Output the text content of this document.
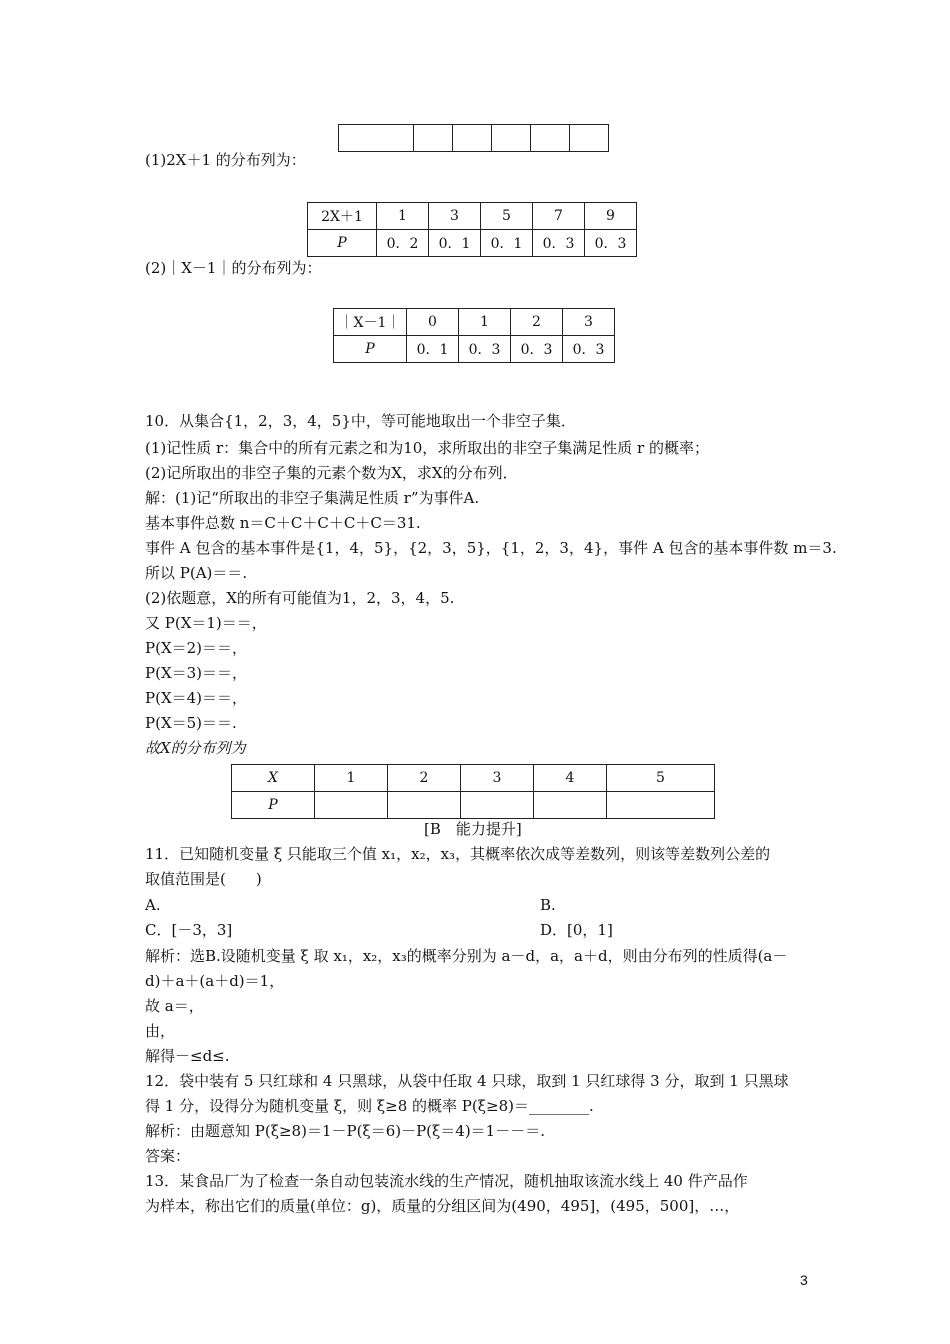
(1)2X＋1 的分布列为：
2X＋1	1	3	5	7	9
P	0．2	0．1	0．1	0．3	0．3
(2)｜X－1｜的分布列为：
｜X－1｜	0	1	2	3
P	0．1	0．3	0．3	0．3
10．从集合{1，2，3，4，5}中，等可能地取出一个非空子集．
(1)记性质 r：集合中的所有元素之和为10，求所取出的非空子集满足性质 r 的概率；
(2)记所取出的非空子集的元素个数为X，求X的分布列．
解：(1)记“所取出的非空子集满足性质 r”为事件A.
基本事件总数 n＝C＋C＋C＋C＋C＝31.
事件 A 包含的基本事件是{1，4，5}，{2，3，5}，{1，2，3，4}，事件 A 包含的基本事件数 m＝3.
所以 P(A)＝＝.
(2)依题意，X的所有可能值为1，2，3，4，5.
又 P(X＝1)＝＝，
P(X＝2)＝＝，
P(X＝3)＝＝，
P(X＝4)＝＝，
P(X＝5)＝＝.
故X的分布列为
X	1	2	3	4	5
P					
[B　能力提升]
11．已知随机变量 ξ 只能取三个值 x₁，x₂，x₃，其概率依次成等差数列，则该等差数列公差的
取值范围是(　　)
A.	B.
C．[－3，3]	D．[0，1]
解析：选B.设随机变量 ξ 取 x₁，x₂，x₃的概率分别为 a－d，a，a＋d，则由分布列的性质得(a－
d)＋a＋(a＋d)＝1，
故 a＝，
由，
解得－≤d≤.
12．袋中装有 5 只红球和 4 只黑球，从袋中任取 4 只球，取到 1 只红球得 3 分，取到 1 只黑球
得 1 分，设得分为随机变量 ξ，则 ξ≥8 的概率 P(ξ≥8)＝________.
解析：由题意知 P(ξ≥8)＝1－P(ξ＝6)－P(ξ＝4)＝1－－＝.
答案：
13．某食品厂为了检查一条自动包装流水线的生产情况，随机抽取该流水线上 40 件产品作
为样本，称出它们的质量(单位：g)，质量的分组区间为(490，495]，(495，500]，…，
3
